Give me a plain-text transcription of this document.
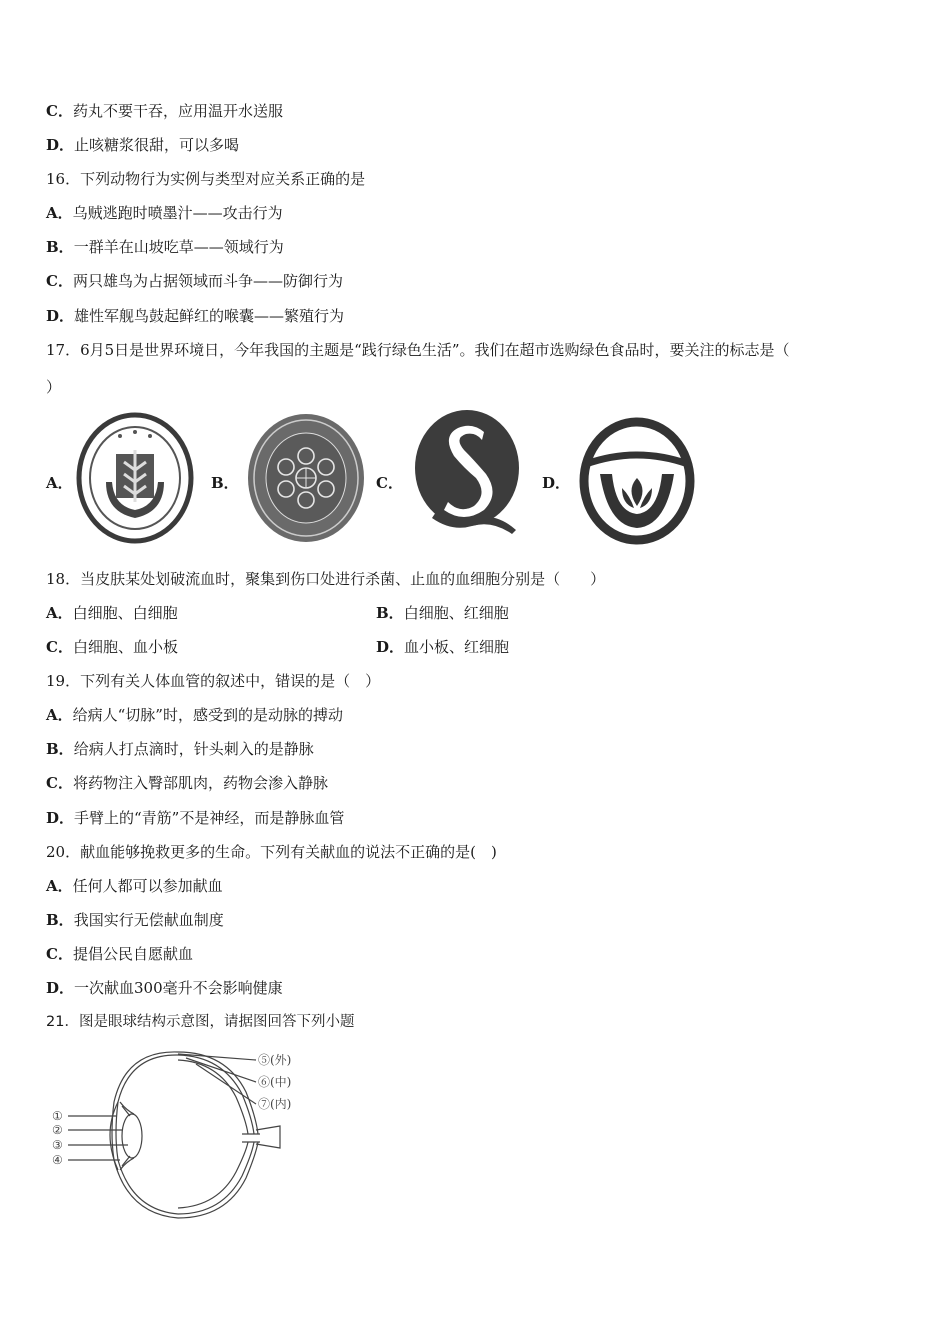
C．药丸不要干吞，应用温开水送服
D．止咳糖浆很甜，可以多喝
16．下列动物行为实例与类型对应关系正确的是
A．乌贼逃跑时喷墨汁——攻击行为
B．一群羊在山坡吃草——领域行为
C．两只雄鸟为占据领域而斗争——防御行为
D．雄性军舰鸟鼓起鲜红的喉囊——繁殖行为
17．6月5日是世界环境日，今年我国的主题是“践行绿色生活”。我们在超市选购绿色食品时，要关注的标志是（
）
A．	B．	C．	D．
18．当皮肤某处划破流血时，聚集到伤口处进行杀菌、止血的血细胞分别是（　　）
A．白细胞、白细胞	B．白细胞、红细胞
C．白细胞、血小板	D．血小板、红细胞
19．下列有关人体血管的叙述中，错误的是（　）
A．给病人“切脉”时，感受到的是动脉的搏动
B．给病人打点滴时，针头刺入的是静脉
C．将药物注入臀部肌肉，药物会渗入静脉
D．手臂上的“青筋”不是神经，而是静脉血管
20．献血能够挽救更多的生命。下列有关献血的说法不正确的是(　)
A．任何人都可以参加献血
B．我国实行无偿献血制度
C．提倡公民自愿献血
D．一次献血300毫升不会影响健康
21．图是眼球结构示意图，请据图回答下列小题
⑤(外)
⑥(中)
⑦(内)
①
②
③
④
